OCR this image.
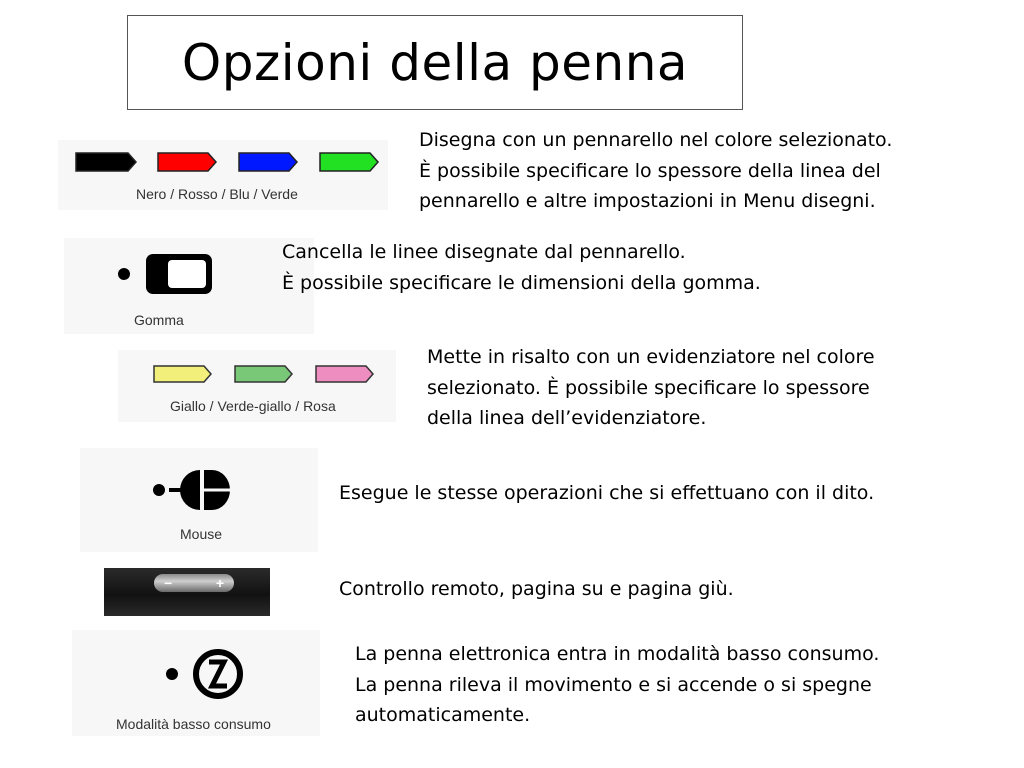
Opzioni della penna
Nero / Rosso / Blu / Verde
Disegna con un pennarello nel colore selezionato.
È possibile specificare lo spessore della linea del
pennarello e altre impostazioni in Menu disegni.
Gomma
Cancella le linee disegnate dal pennarello.
È possibile specificare le dimensioni della gomma.
Giallo / Verde-giallo / Rosa
Mette in risalto con un evidenziatore nel colore
selezionato. È possibile specificare lo spessore
della linea dell’evidenziatore.
Mouse
Esegue le stesse operazioni che si effettuano con il dito.
−	+	Controllo remoto, pagina su e pagina giù.
Modalità basso consumo
La penna elettronica entra in modalità basso consumo.
La penna rileva il movimento e si accende o si spegne
automaticamente.
